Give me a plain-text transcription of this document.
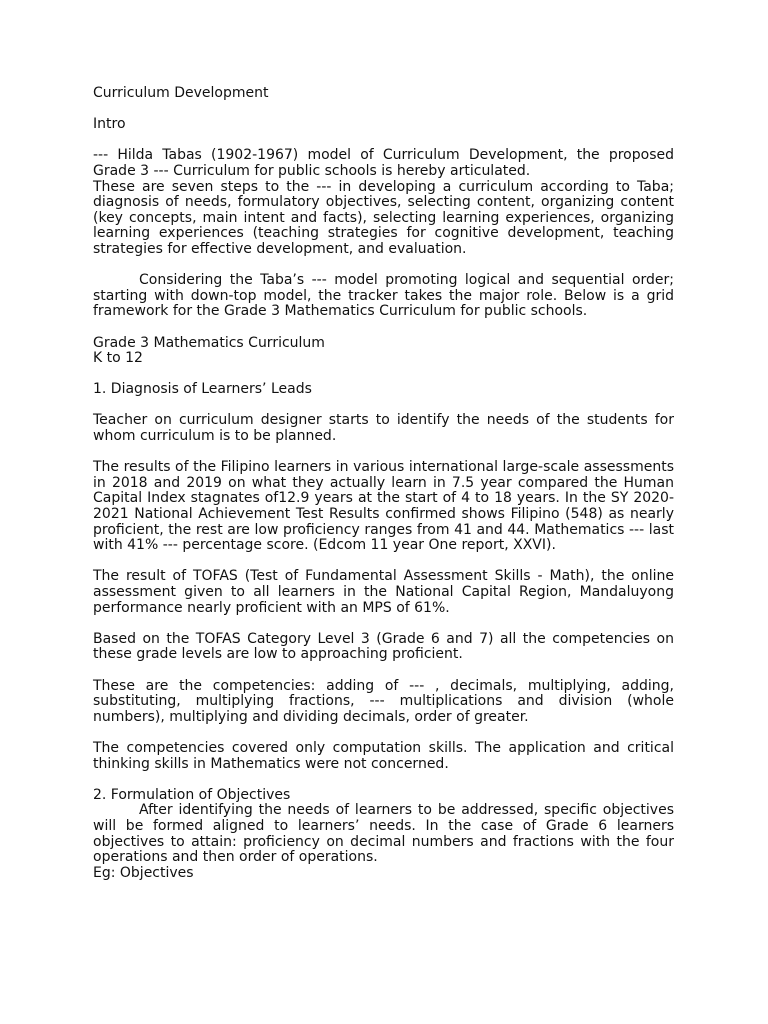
Curriculum Development

Intro

--- Hilda Tabas (1902-1967) model of Curriculum Development, the proposed Grade 3 --- Curriculum for public schools is hereby articulated.

These are seven steps to the --- in developing a curriculum according to Taba; diagnosis of needs, formulatory objectives, selecting content, organizing content (key concepts, main intent and facts), selecting learning experiences, organizing learning experiences (teaching strategies for cognitive development, teaching strategies for effective development, and evaluation.

Considering the Taba’s --- model promoting logical and sequential order; starting with down-top model, the tracker takes the major role. Below is a grid framework for the Grade 3 Mathematics Curriculum for public schools.

Grade 3 Mathematics Curriculum

K to 12

1. Diagnosis of Learners’ Leads

Teacher on curriculum designer starts to identify the needs of the students for whom curriculum is to be planned.

The results of the Filipino learners in various international large-scale assessments in 2018 and 2019 on what they actually learn in 7.5 year compared the Human Capital Index stagnates of12.9 years at the start of 4 to 18 years. In the SY 2020-2021 National Achievement Test Results confirmed shows Filipino (548) as nearly proficient, the rest are low proficiency ranges from 41 and 44. Mathematics --- last with 41% --- percentage score. (Edcom 11 year One report, XXVI).

The result of TOFAS (Test of Fundamental Assessment Skills - Math), the online assessment given to all learners in the National Capital Region, Mandaluyong performance nearly proficient with an MPS of 61%.

Based on the TOFAS Category Level 3 (Grade 6 and 7) all the competencies on these grade levels are low to approaching proficient.

These are the competencies: adding of --- , decimals, multiplying, adding, substituting, multiplying fractions, --- multiplications and division (whole numbers), multiplying and dividing decimals, order of greater.

The competencies covered only computation skills. The application and critical thinking skills in Mathematics were not concerned.

2. Formulation of Objectives

After identifying the needs of learners to be addressed, specific objectives will be formed aligned to learners’ needs. In the case of Grade 6 learners objectives to attain: proficiency on decimal numbers and fractions with the four operations and then order of operations.

Eg: Objectives
